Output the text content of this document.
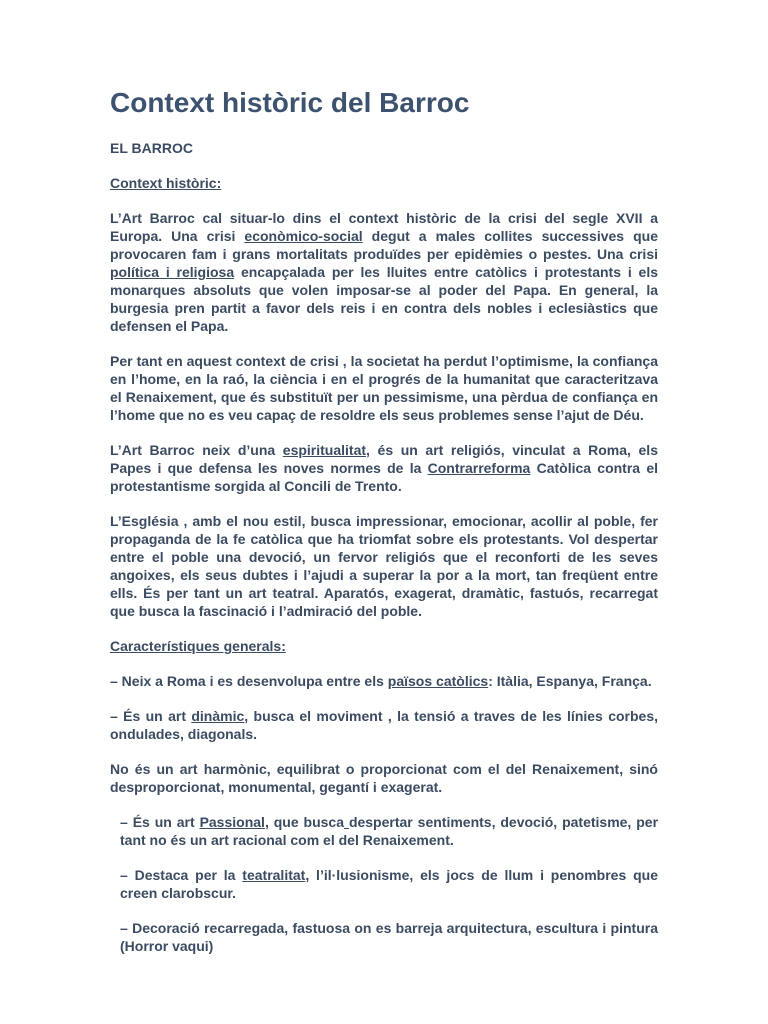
Context històric del Barroc

EL BARROC

Context històric:

L’Art Barroc cal situar-lo dins el context històric de la crisi del segle XVII a Europa. Una crisi econòmico-social degut a males collites successives que provocaren fam i grans mortalitats produïdes per epidèmies o pestes. Una crisi política i religiosa encapçalada per les lluites entre catòlics i protestants i els monarques absoluts que volen imposar-se al poder del Papa. En general, la burgesia pren partit a favor dels reis i en contra dels nobles i eclesiàstics que defensen el Papa.

Per tant en aquest context de crisi , la societat ha perdut l’optimisme, la confiança en l’home, en la raó, la ciència i en el progrés de la humanitat que caracteritzava el Renaixement, que és substituït per un pessimisme, una pèrdua de confiança en l’home que no es veu capaç de resoldre els seus problemes sense l’ajut de Déu.

L’Art Barroc neix d’una espiritualitat, és un art religiós, vinculat a Roma, els Papes i que defensa les noves normes de la Contrarreforma Catòlica contra el protestantisme sorgida al Concili de Trento.

L’Església , amb el nou estil, busca impressionar, emocionar, acollir al poble, fer propaganda de la fe catòlica que ha triomfat sobre els protestants. Vol despertar entre el poble una devoció, un fervor religiós que el reconforti de les seves angoixes, els seus dubtes i l’ajudi a superar la por a la mort, tan freqüent entre ells. És per tant un art teatral. Aparatós, exagerat, dramàtic, fastuós, recarregat que busca la fascinació i l’admiració del poble.

Característiques generals:

– Neix a Roma i es desenvolupa entre els països catòlics: Itàlia, Espanya, França.

– És un art dinàmic, busca el moviment , la tensió a traves de les línies corbes, ondulades, diagonals.

No és un art harmònic, equilibrat o proporcionat com el del Renaixement, sinó desproporcionat, monumental, gegantí i exagerat.

– És un art Passional, que busca despertar sentiments, devoció, patetisme, per tant no és un art racional com el del Renaixement.

– Destaca per la teatralitat, l’il·lusionisme, els jocs de llum i penombres que creen clarobscur.

– Decoració recarregada, fastuosa on es barreja arquitectura, escultura i pintura (Horror vaqui)
